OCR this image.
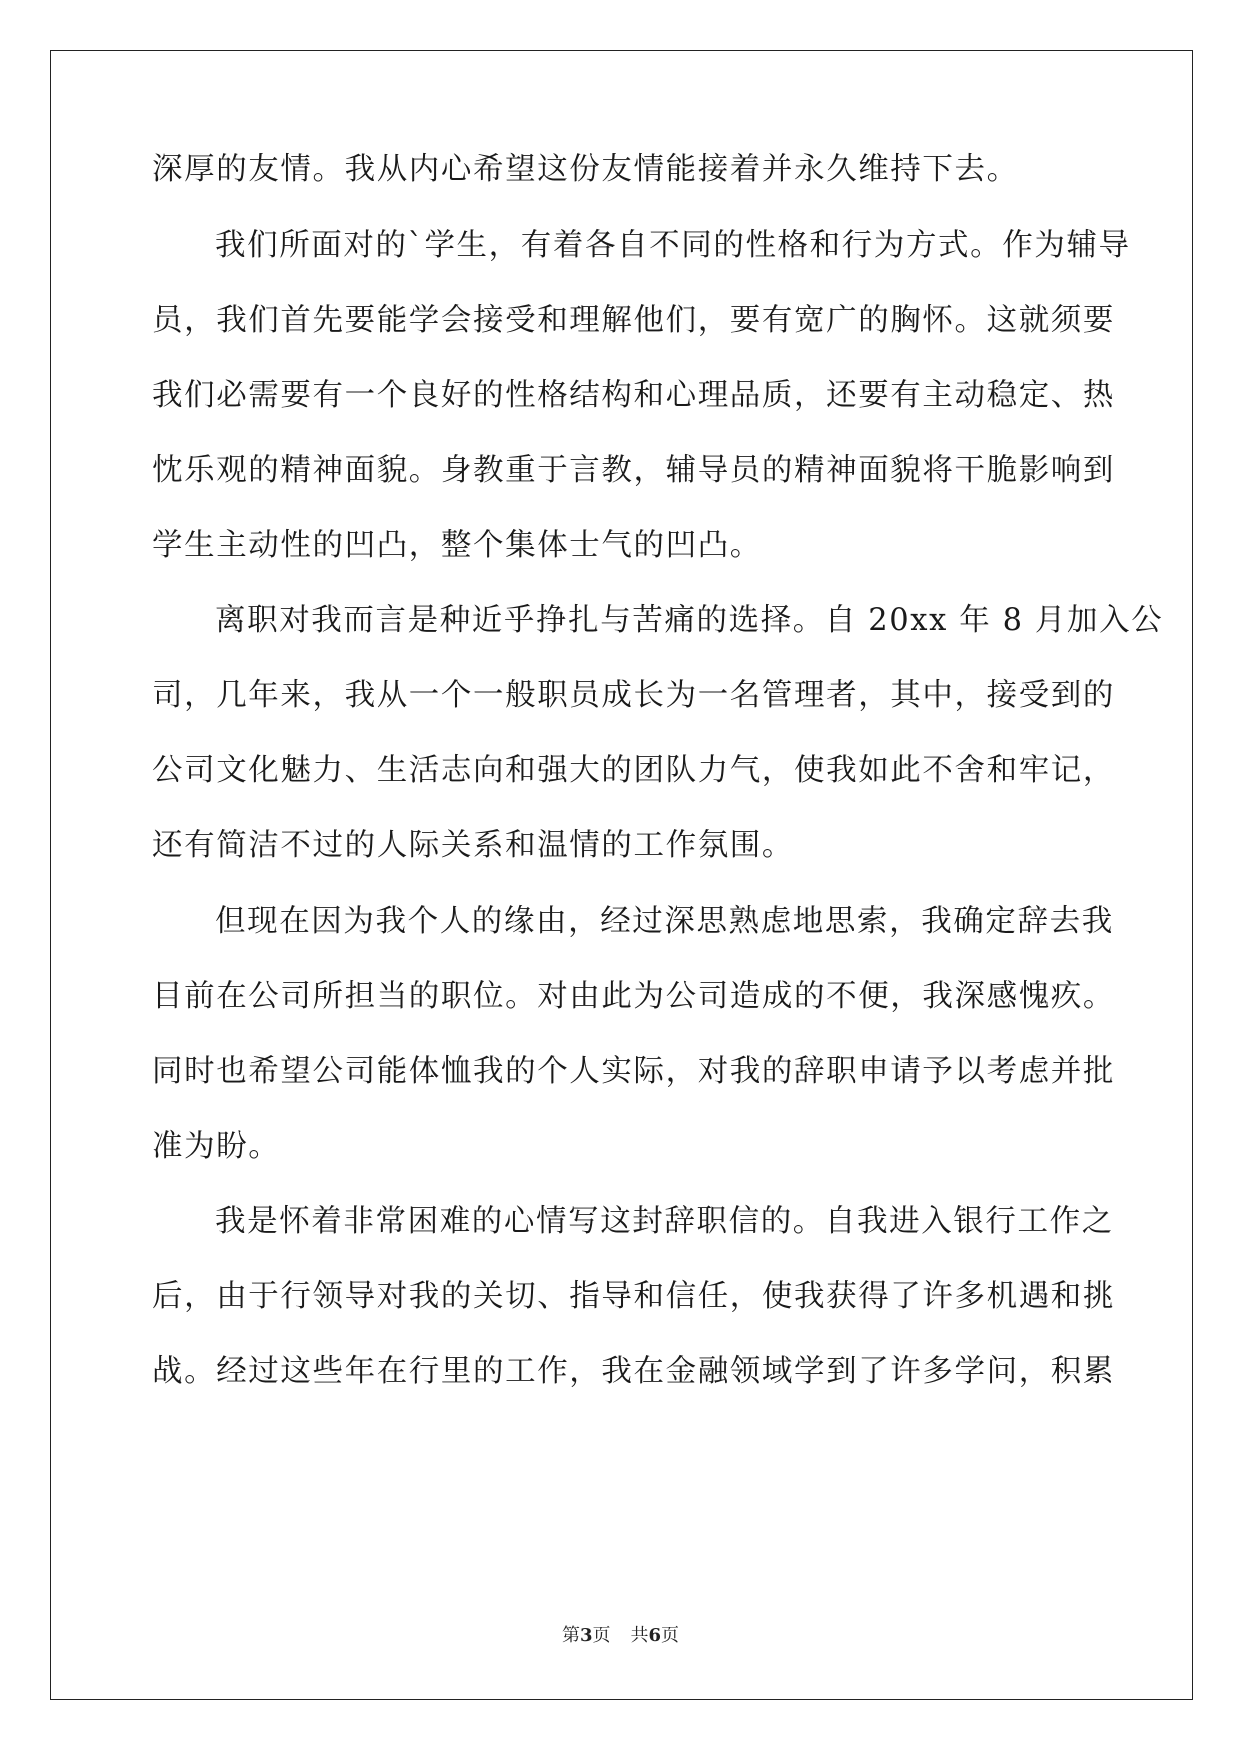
深厚的友情。我从内心希望这份友情能接着并永久维持下去。

我们所面对的`学生，有着各自不同的性格和行为方式。作为辅导

员，我们首先要能学会接受和理解他们，要有宽广的胸怀。这就须要

我们必需要有一个良好的性格结构和心理品质，还要有主动稳定、热

忱乐观的精神面貌。身教重于言教，辅导员的精神面貌将干脆影响到

学生主动性的凹凸，整个集体士气的凹凸。

离职对我而言是种近乎挣扎与苦痛的选择。自 20xx 年 8 月加入公

司，几年来，我从一个一般职员成长为一名管理者，其中，接受到的

公司文化魅力、生活志向和强大的团队力气，使我如此不舍和牢记，

还有简洁不过的人际关系和温情的工作氛围。

但现在因为我个人的缘由，经过深思熟虑地思索，我确定辞去我

目前在公司所担当的职位。对由此为公司造成的不便，我深感愧疚。

同时也希望公司能体恤我的个人实际，对我的辞职申请予以考虑并批

准为盼。

我是怀着非常困难的心情写这封辞职信的。自我进入银行工作之

后，由于行领导对我的关切、指导和信任，使我获得了许多机遇和挑

战。经过这些年在行里的工作，我在金融领域学到了许多学问，积累

第3页 共6页
